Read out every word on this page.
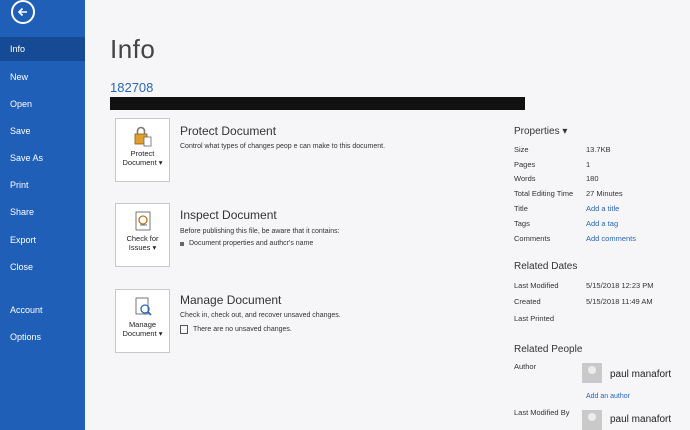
Info
New
Open
Save
Save As
Print
Share
Export
Close
Account
Options
Info
182708
Protect
Document ▾
Protect Document
Control what types of changes peop e can make to this document.
Check for
Issues ▾
Inspect Document
Before publishing this file, be aware that it contains:
Document properties and authcr's name
Manage
Document ▾
Manage Document
Check in, check out, and recover unsaved changes.
There are no unsaved changes.
Properties ▾
Size	13.7KB
Pages	1
Words	180
Total Editing Time 27 Minutes
Title	Add a title
Tags	Add a tag
Comments	Add comments
Related Dates
Last Modified	5/15/2018 12:23 PM
Created	5/15/2018 11:49 AM
Last Printed
Related People
Author
paul manafort
Add an author
Last Modified By
paul manafort
